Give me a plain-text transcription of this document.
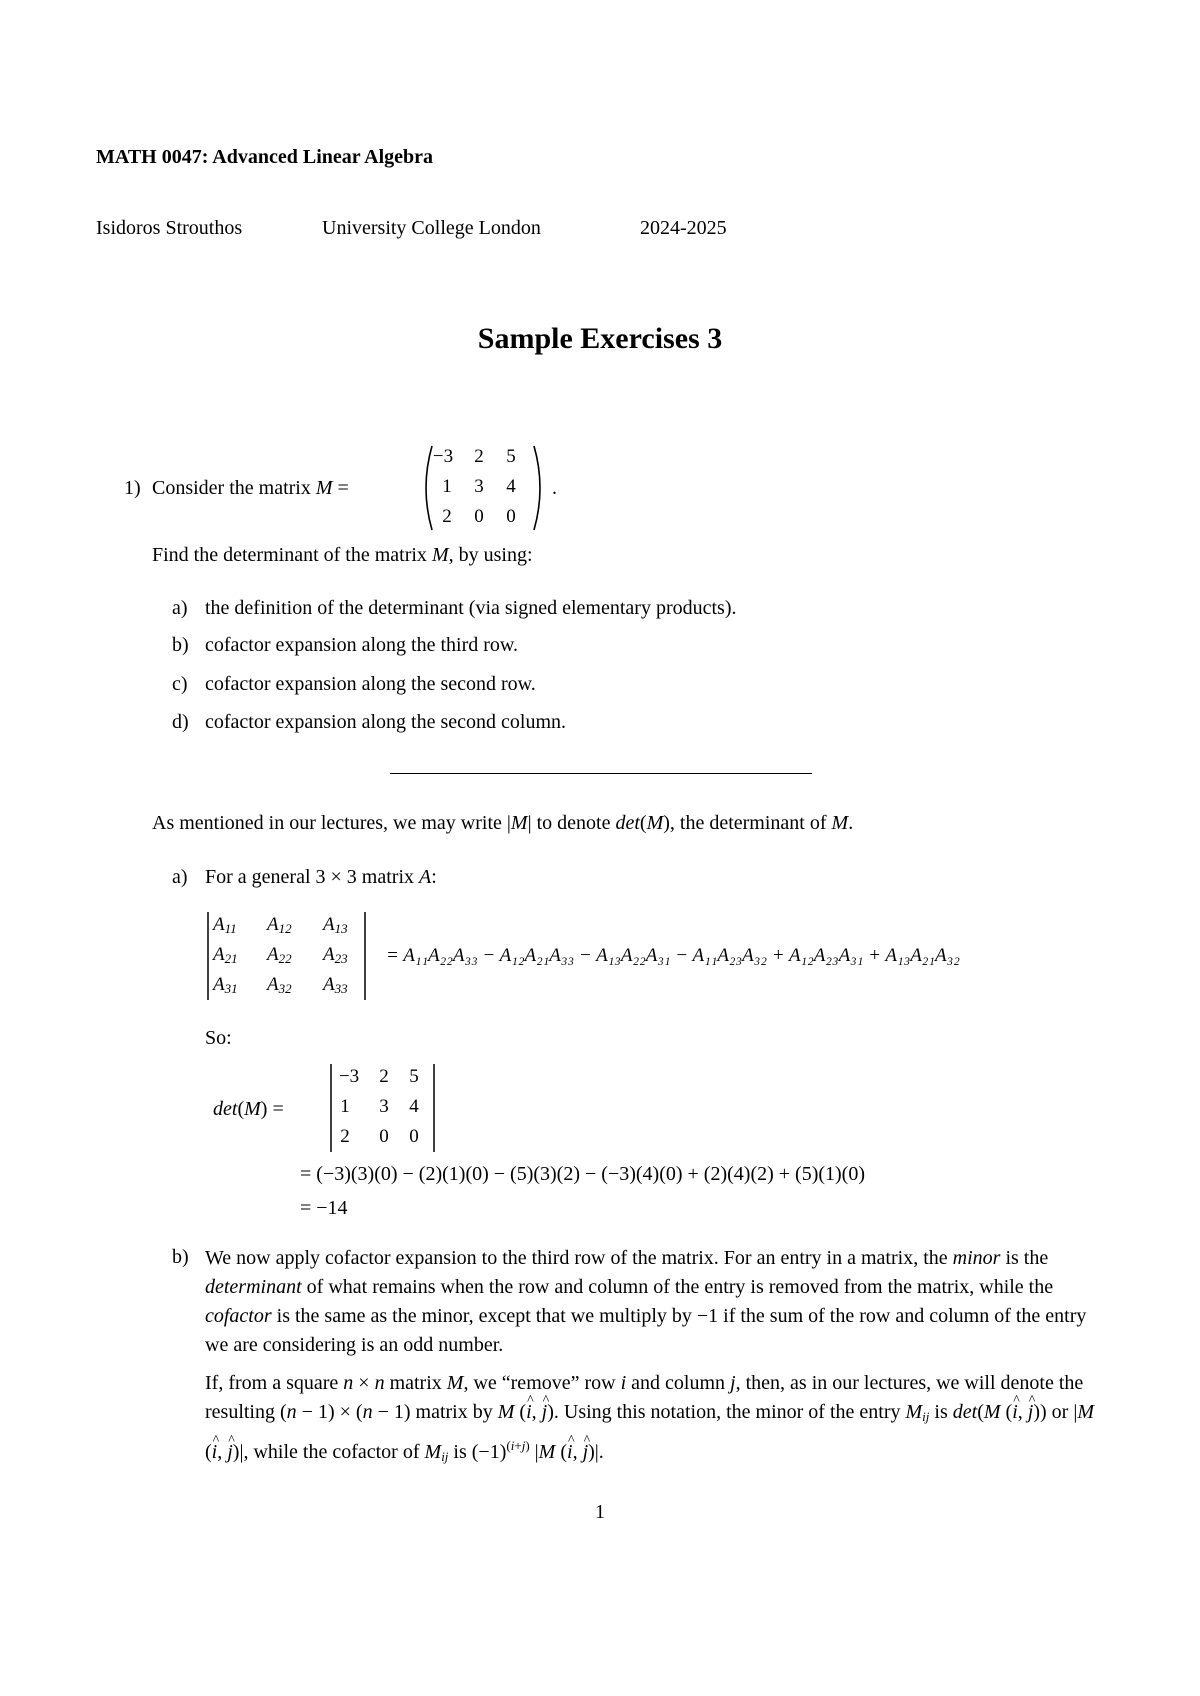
MATH 0047: Advanced Linear Algebra
Isidoros Strouthos	University College London	2024-2025
Sample Exercises 3
1) Consider the matrix M =
−3	2	5
1	3	4
2	0	0
.
Find the determinant of the matrix M, by using:
a) the definition of the determinant (via signed elementary products).
b) cofactor expansion along the third row.
c) cofactor expansion along the second row.
d) cofactor expansion along the second column.
As mentioned in our lectures, we may write |M| to denote det(M), the determinant of M.
a) For a general 3 × 3 matrix A:
$A_{11}$ $A_{12}$ $A_{13}$
$A_{21}$ $A_{22}$ $A_{23}$
$A_{31}$ $A_{32}$ $A_{33}$
= A₁₁A₂₂A₃₃ − A₁₂A₂₁A₃₃ − A₁₃A₂₂A₃₁ − A₁₁A₂₃A₃₂ + A₁₂A₂₃A₃₁ + A₁₃A₂₁A₃₂
So:
det(M) =
−3	2	5
1	3	4
2	0	0
= (−3)(3)(0) − (2)(1)(0) − (5)(3)(2) − (−3)(4)(0) + (2)(4)(2) + (5)(1)(0)
= −14
b) We now apply cofactor expansion to the third row of the matrix. For an entry in a matrix, the minor is the determinant of what remains when the row and column of the entry is removed from the matrix, while the cofactor is the same as the minor, except that we multiply by −1 if the sum of the row and column of the entry we are considering is an odd number.
If, from a square n × n matrix M, we “remove” row i and column j, then, as in our lectures, we will denote the resulting (n − 1) × (n − 1) matrix by M (^ i, ^ j). Using this notation, the minor of the entry $M_{ij}$ is det(M (^ i, ^ j)) or |M (^ i, ^ j)|, while the cofactor of $M_{ij}$ is $(-1)^{(i+j)}$ |M (^ i, ^ j)|.
1
